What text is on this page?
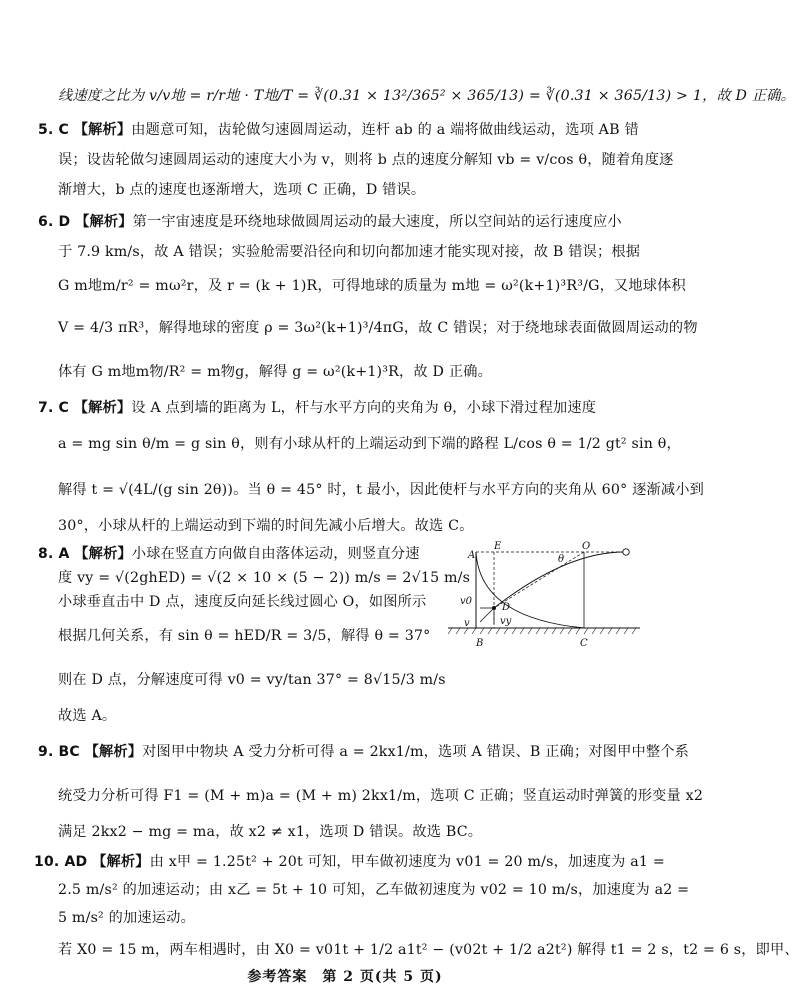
线速度之比为 v/v地 = r/r地 · T地/T = ∛(0.31 × 13²/365² × 365/13) = ∛(0.31 × 365/13) > 1，故 D 正确。
5. C 【解析】由题意可知，齿轮做匀速圆周运动，连杆 ab 的 a 端将做曲线运动，选项 AB 错
误；设齿轮做匀速圆周运动的速度大小为 v，则将 b 点的速度分解知 vb = v/cos θ，随着角度逐
渐增大，b 点的速度也逐渐增大，选项 C 正确，D 错误。
6. D 【解析】第一宇宙速度是环绕地球做圆周运动的最大速度，所以空间站的运行速度应小
于 7.9 km/s，故 A 错误；实验舱需要沿径向和切向都加速才能实现对接，故 B 错误；根据
G m地m/r² = mω²r，及 r = (k + 1)R，可得地球的质量为 m地 = ω²(k+1)³R³/G，又地球体积
V = 4/3 πR³，解得地球的密度 ρ = 3ω²(k+1)³/4πG，故 C 错误；对于绕地球表面做圆周运动的物
体有 G m地m物/R² = m物g，解得 g = ω²(k+1)³R，故 D 正确。
7. C 【解析】设 A 点到墙的距离为 L，杆与水平方向的夹角为 θ，小球下滑过程加速度
a = mg sin θ/m = g sin θ，则有小球从杆的上端运动到下端的路程 L/cos θ = 1/2 gt² sin θ，
解得 t = √(4L/(g sin 2θ))。当 θ = 45° 时，t 最小，因此使杆与水平方向的夹角从 60° 逐渐减小到
30°，小球从杆的上端运动到下端的时间先减小后增大。故选 C。
8. A 【解析】小球在竖直方向做自由落体运动，则竖直分速
度 vy = √(2ghED) = √(2 × 10 × (5 − 2)) m/s = 2√15 m/s
小球垂直击中 D 点，速度反向延长线过圆心 O，如图所示
根据几何关系，有 sin θ = hED/R = 3/5，解得 θ = 37°
则在 D 点，分解速度可得 v0 = vy/tan 37° = 8√15/3 m/s
故选 A。
A
E	O
θ
v0
D
v	vy
B	C
9. BC 【解析】对图甲中物块 A 受力分析可得 a = 2kx1/m，选项 A 错误、B 正确；对图甲中整个系
统受力分析可得 F1 = (M + m)a = (M + m) 2kx1/m，选项 C 正确；竖直运动时弹簧的形变量 x2
满足 2kx2 − mg = ma，故 x2 ≠ x1，选项 D 错误。故选 BC。
10. AD 【解析】由 x甲 = 1.25t² + 20t 可知，甲车做初速度为 v01 = 20 m/s，加速度为 a1 =
2.5 m/s² 的加速运动；由 x乙 = 5t + 10 可知，乙车做初速度为 v02 = 10 m/s，加速度为 a2 =
5 m/s² 的加速运动。
若 X0 = 15 m，两车相遇时，由 X0 = v01t + 1/2 a1t² − (v02t + 1/2 a2t²) 解得 t1 = 2 s，t2 = 6 s，即甲、
参考答案　第 2 页(共 5 页)
